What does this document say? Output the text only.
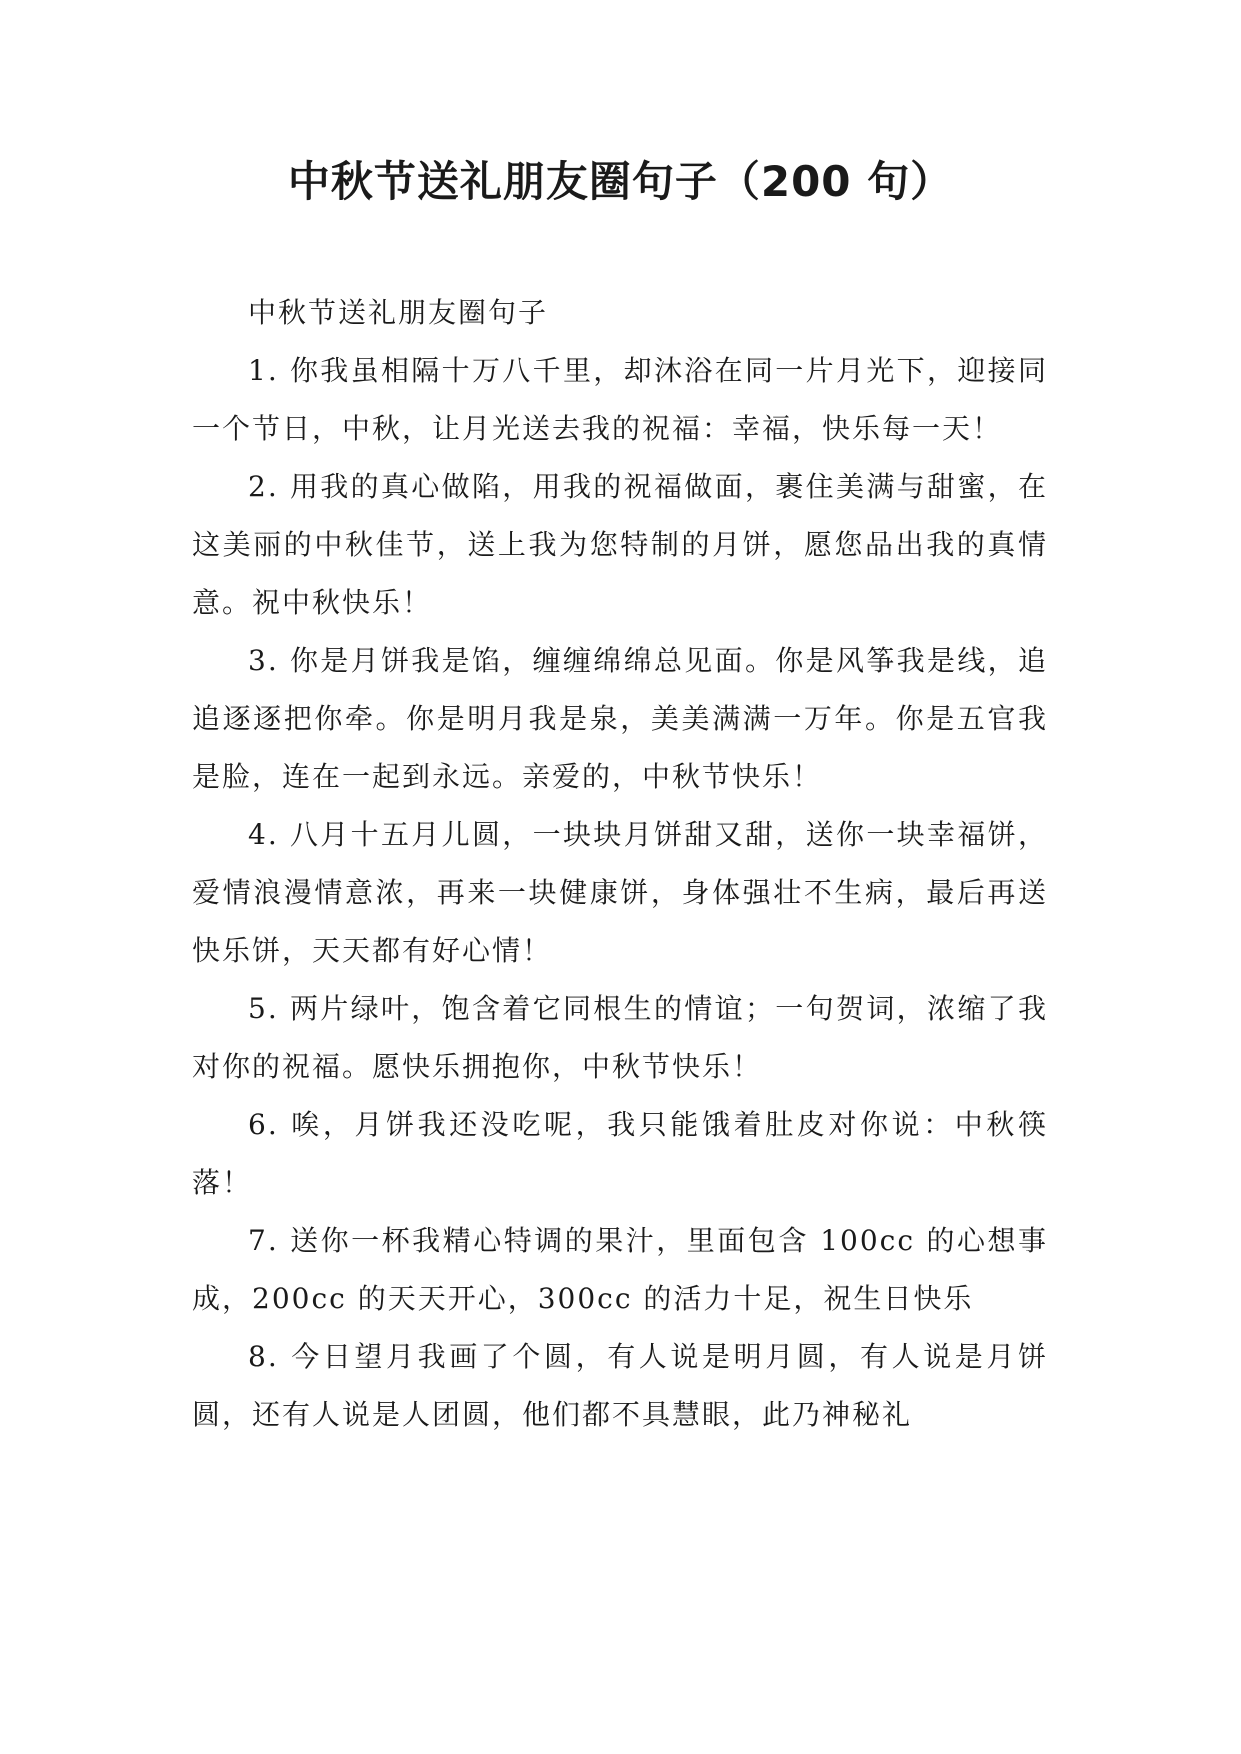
中秋节送礼朋友圈句子（200 句）

中秋节送礼朋友圈句子

1. 你我虽相隔十万八千里，却沐浴在同一片月光下，迎接同一个节日，中秋，让月光送去我的祝福：幸福，快乐每一天！

2. 用我的真心做陷，用我的祝福做面，裹住美满与甜蜜，在这美丽的中秋佳节，送上我为您特制的月饼，愿您品出我的真情意。祝中秋快乐！

3. 你是月饼我是馅，缠缠绵绵总见面。你是风筝我是线，追追逐逐把你牵。你是明月我是泉，美美满满一万年。你是五官我是脸，连在一起到永远。亲爱的，中秋节快乐！

4. 八月十五月儿圆，一块块月饼甜又甜，送你一块幸福饼，爱情浪漫情意浓，再来一块健康饼，身体强壮不生病，最后再送快乐饼，天天都有好心情！

5. 两片绿叶，饱含着它同根生的情谊；一句贺词，浓缩了我对你的祝福。愿快乐拥抱你，中秋节快乐！

6. 唉，月饼我还没吃呢，我只能饿着肚皮对你说：中秋筷落！

7. 送你一杯我精心特调的果汁，里面包含 100cc 的心想事成，200cc 的天天开心，300cc 的活力十足，祝生日快乐

8. 今日望月我画了个圆，有人说是明月圆，有人说是月饼圆，还有人说是人团圆，他们都不具慧眼，此乃神秘礼
